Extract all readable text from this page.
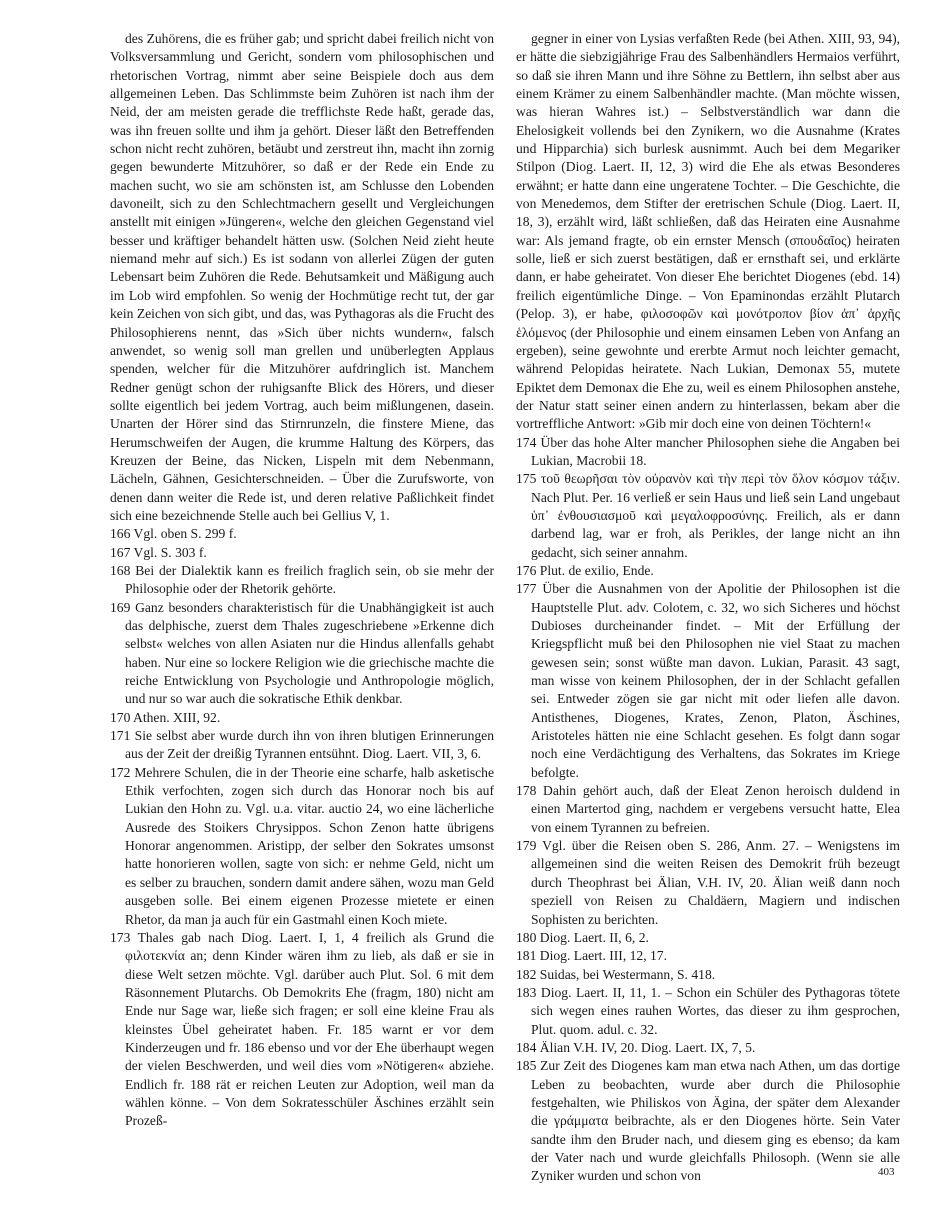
des Zuhörens, die es früher gab; und spricht dabei freilich nicht von Volksversammlung und Gericht, sondern vom philosophischen und rhetorischen Vortrag, nimmt aber seine Beispiele doch aus dem allgemeinen Leben. Das Schlimmste beim Zuhören ist nach ihm der Neid, der am meisten gerade die trefflichste Rede haßt, gerade das, was ihn freuen sollte und ihm ja gehört. Dieser läßt den Betreffenden schon nicht recht zuhören, betäubt und zerstreut ihn, macht ihn zornig gegen bewunderte Mitzuhörer, so daß er der Rede ein Ende zu machen sucht, wo sie am schönsten ist, am Schlusse den Lobenden davoneilt, sich zu den Schlechtmachern gesellt und Vergleichungen anstellt mit einigen »Jüngeren«, welche den gleichen Gegenstand viel besser und kräftiger behandelt hätten usw. (Solchen Neid zieht heute niemand mehr auf sich.) Es ist sodann von allerlei Zügen der guten Lebensart beim Zuhören die Rede. Behutsamkeit und Mäßigung auch im Lob wird empfohlen. So wenig der Hochmütige recht tut, der gar kein Zeichen von sich gibt, und das, was Pythagoras als die Frucht des Philosophierens nennt, das »Sich über nichts wundern«, falsch anwendet, so wenig soll man grellen und unüberlegten Applaus spenden, welcher für die Mitzuhörer aufdringlich ist. Manchem Redner genügt schon der ruhigsanfte Blick des Hörers, und dieser sollte eigentlich bei jedem Vortrag, auch beim mißlungenen, dasein. Unarten der Hörer sind das Stirnrunzeln, die finstere Miene, das Herumschweifen der Augen, die krumme Haltung des Körpers, das Kreuzen der Beine, das Nicken, Lispeln mit dem Nebenmann, Lächeln, Gähnen, Gesichterschneiden. – Über die Zurufsworte, von denen dann weiter die Rede ist, und deren relative Paßlichkeit findet sich eine bezeichnende Stelle auch bei Gellius V, 1.

166 Vgl. oben S. 299 f.

167 Vgl. S. 303 f.

168 Bei der Dialektik kann es freilich fraglich sein, ob sie mehr der Philosophie oder der Rhetorik gehörte.

169 Ganz besonders charakteristisch für die Unabhängigkeit ist auch das delphische, zuerst dem Thales zugeschriebene »Erkenne dich selbst« welches von allen Asiaten nur die Hindus allenfalls gehabt haben. Nur eine so lockere Religion wie die griechische machte die reiche Entwicklung von Psychologie und Anthropologie möglich, und nur so war auch die sokratische Ethik denkbar.

170 Athen. XIII, 92.

171 Sie selbst aber wurde durch ihn von ihren blutigen Erinnerungen aus der Zeit der dreißig Tyrannen entsühnt. Diog. Laert. VII, 3, 6.

172 Mehrere Schulen, die in der Theorie eine scharfe, halb asketische Ethik verfochten, zogen sich durch das Honorar noch bis auf Lukian den Hohn zu. Vgl. u.a. vitar. auctio 24, wo eine lächerliche Ausrede des Stoikers Chrysippos. Schon Zenon hatte übrigens Honorar angenommen. Aristipp, der selber den Sokrates umsonst hatte honorieren wollen, sagte von sich: er nehme Geld, nicht um es selber zu brauchen, sondern damit andere sähen, wozu man Geld ausgeben solle. Bei einem eigenen Prozesse mietete er einen Rhetor, da man ja auch für ein Gastmahl einen Koch miete.

173 Thales gab nach Diog. Laert. I, 1, 4 freilich als Grund die φιλοτεκνία an; denn Kinder wären ihm zu lieb, als daß er sie in diese Welt setzen möchte. Vgl. darüber auch Plut. Sol. 6 mit dem Räsonnement Plutarchs. Ob Demokrits Ehe (fragm, 180) nicht am Ende nur Sage war, ließe sich fragen; er soll eine kleine Frau als kleinstes Übel geheiratet haben. Fr. 185 warnt er vor dem Kinderzeugen und fr. 186 ebenso und vor der Ehe überhaupt wegen der vielen Beschwerden, und weil dies vom »Nötigeren« abziehe. Endlich fr. 188 rät er reichen Leuten zur Adoption, weil man da wählen könne. – Von dem Sokratesschüler Äschines erzählt sein Prozeß-

gegner in einer von Lysias verfaßten Rede (bei Athen. XIII, 93, 94), er hätte die siebzigjährige Frau des Salbenhändlers Hermaios verführt, so daß sie ihren Mann und ihre Söhne zu Bettlern, ihn selbst aber aus einem Krämer zu einem Salbenhändler machte. (Man möchte wissen, was hieran Wahres ist.) – Selbstverständlich war dann die Ehelosigkeit vollends bei den Zynikern, wo die Ausnahme (Krates und Hipparchia) sich burlesk ausnimmt. Auch bei dem Megariker Stilpon (Diog. Laert. II, 12, 3) wird die Ehe als etwas Besonderes erwähnt; er hatte dann eine ungeratene Tochter. – Die Geschichte, die von Menedemos, dem Stifter der eretrischen Schule (Diog. Laert. II, 18, 3), erzählt wird, läßt schließen, daß das Heiraten eine Ausnahme war: Als jemand fragte, ob ein ernster Mensch (σπουδαῖος) heiraten solle, ließ er sich zuerst bestätigen, daß er ernsthaft sei, und erklärte dann, er habe geheiratet. Von dieser Ehe berichtet Diogenes (ebd. 14) freilich eigentümliche Dinge. – Von Epaminondas erzählt Plutarch (Pelop. 3), er habe, φιλοσοφῶν καὶ μονότροπον βίον ἀπ᾿ ἀρχῆς ἑλόμενος (der Philosophie und einem einsamen Leben von Anfang an ergeben), seine gewohnte und ererbte Armut noch leichter gemacht, während Pelopidas heiratete. Nach Lukian, Demonax 55, mutete Epiktet dem Demonax die Ehe zu, weil es einem Philosophen anstehe, der Natur statt seiner einen andern zu hinterlassen, bekam aber die vortreffliche Antwort: »Gib mir doch eine von deinen Töchtern!«

174 Über das hohe Alter mancher Philosophen siehe die Angaben bei Lukian, Macrobii 18.

175 τοῦ θεωρῆσαι τὸν οὐρανὸν καὶ τὴν περὶ τὸν ὅλον κόσμον τάξιν. Nach Plut. Per. 16 verließ er sein Haus und ließ sein Land ungebaut ὑπ᾿ ἐνθουσιασμοῦ καὶ μεγαλοφροσύνης. Freilich, als er dann darbend lag, war er froh, als Perikles, der lange nicht an ihn gedacht, sich seiner annahm.

176 Plut. de exilio, Ende.

177 Über die Ausnahmen von der Apolitie der Philosophen ist die Hauptstelle Plut. adv. Colotem, c. 32, wo sich Sicheres und höchst Dubioses durcheinander findet. – Mit der Erfüllung der Kriegspflicht muß bei den Philosophen nie viel Staat zu machen gewesen sein; sonst wüßte man davon. Lukian, Parasit. 43 sagt, man wisse von keinem Philosophen, der in der Schlacht gefallen sei. Entweder zögen sie gar nicht mit oder liefen alle davon. Antisthenes, Diogenes, Krates, Zenon, Platon, Äschines, Aristoteles hätten nie eine Schlacht gesehen. Es folgt dann sogar noch eine Verdächtigung des Verhaltens, das Sokrates im Kriege befolgte.

178 Dahin gehört auch, daß der Eleat Zenon heroisch duldend in einen Martertod ging, nachdem er vergebens versucht hatte, Elea von einem Tyrannen zu befreien.

179 Vgl. über die Reisen oben S. 286, Anm. 27. – Wenigstens im allgemeinen sind die weiten Reisen des Demokrit früh bezeugt durch Theophrast bei Älian, V.H. IV, 20. Älian weiß dann noch speziell von Reisen zu Chaldäern, Magiern und indischen Sophisten zu berichten.

180 Diog. Laert. II, 6, 2.

181 Diog. Laert. III, 12, 17.

182 Suidas, bei Westermann, S. 418.

183 Diog. Laert. II, 11, 1. – Schon ein Schüler des Pythagoras tötete sich wegen eines rauhen Wortes, das dieser zu ihm gesprochen, Plut. quom. adul. c. 32.

184 Älian V.H. IV, 20. Diog. Laert. IX, 7, 5.

185 Zur Zeit des Diogenes kam man etwa nach Athen, um das dortige Leben zu beobachten, wurde aber durch die Philosophie festgehalten, wie Philiskos von Ägina, der später dem Alexander die γράμματα beibrachte, als er den Diogenes hörte. Sein Vater sandte ihm den Bruder nach, und diesem ging es ebenso; da kam der Vater nach und wurde gleichfalls Philosoph. (Wenn sie alle Zyniker wurden und schon von	403
